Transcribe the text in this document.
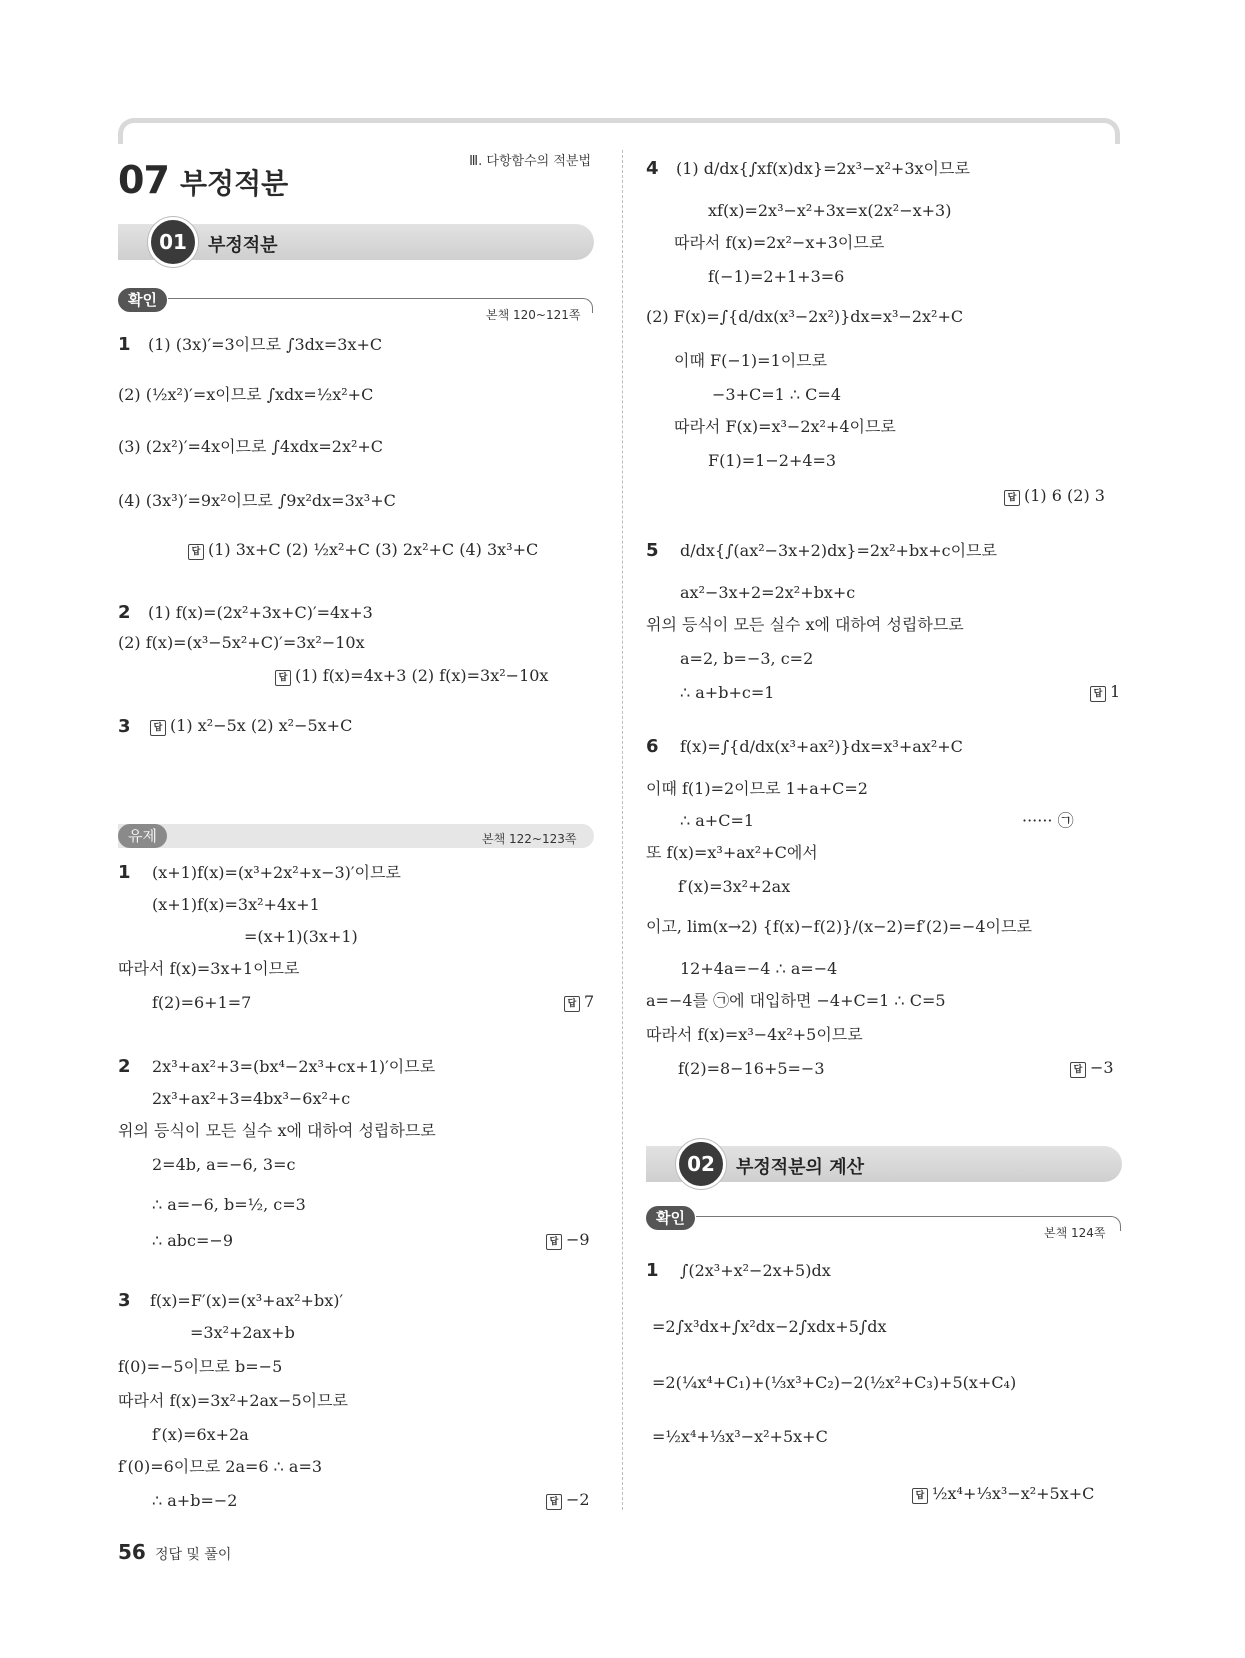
07 부정적분
Ⅲ. 다항함수의 적분법
01	부정적분
확인
본책 120~121쪽
1 (1) (3x)′=3이므로 ∫3dx=3x+C
(2) (½x²)′=x이므로 ∫xdx=½x²+C
(3) (2x²)′=4x이므로 ∫4xdx=2x²+C
(4) (3x³)′=9x²이므로 ∫9x²dx=3x³+C
답 (1) 3x+C (2) ½x²+C (3) 2x²+C (4) 3x³+C
2 (1) f(x)=(2x²+3x+C)′=4x+3
(2) f(x)=(x³−5x²+C)′=3x²−10x
답 (1) f(x)=4x+3 (2) f(x)=3x²−10x
3	답 (1) x²−5x (2) x²−5x+C
유제	본책 122~123쪽
1 (x+1)f(x)=(x³+2x²+x−3)′이므로
(x+1)f(x)=3x²+4x+1
=(x+1)(3x+1)
따라서 f(x)=3x+1이므로
f(2)=6+1=7	답 7
2 2x³+ax²+3=(bx⁴−2x³+cx+1)′이므로
2x³+ax²+3=4bx³−6x²+c
위의 등식이 모든 실수 x에 대하여 성립하므로
2=4b, a=−6, 3=c
∴ a=−6, b=½, c=3
∴ abc=−9	답 −9
3 f(x)=F′(x)=(x³+ax²+bx)′
=3x²+2ax+b
f(0)=−5이므로 b=−5
따라서 f(x)=3x²+2ax−5이므로
f′(x)=6x+2a
f′(0)=6이므로 2a=6 ∴ a=3
∴ a+b=−2	답 −2
4 (1) d/dx{∫xf(x)dx}=2x³−x²+3x이므로
xf(x)=2x³−x²+3x=x(2x²−x+3)
따라서 f(x)=2x²−x+3이므로
f(−1)=2+1+3=6
(2) F(x)=∫{d/dx(x³−2x²)}dx=x³−2x²+C
이때 F(−1)=1이므로
−3+C=1 ∴ C=4
따라서 F(x)=x³−2x²+4이므로
F(1)=1−2+4=3
답 (1) 6 (2) 3
5 d/dx{∫(ax²−3x+2)dx}=2x²+bx+c이므로
ax²−3x+2=2x²+bx+c
위의 등식이 모든 실수 x에 대하여 성립하므로
a=2, b=−3, c=2
∴ a+b+c=1	답 1
6 f(x)=∫{d/dx(x³+ax²)}dx=x³+ax²+C
이때 f(1)=2이므로 1+a+C=2
∴ a+C=1	······ ㉠
또 f(x)=x³+ax²+C에서
f′(x)=3x²+2ax
이고, lim(x→2) {f(x)−f(2)}/(x−2)=f′(2)=−4이므로
12+4a=−4 ∴ a=−4
a=−4를 ㉠에 대입하면 −4+C=1 ∴ C=5
따라서 f(x)=x³−4x²+5이므로
f(2)=8−16+5=−3	답 −3
02	부정적분의 계산
확인
본책 124쪽
1 ∫(2x³+x²−2x+5)dx
=2∫x³dx+∫x²dx−2∫xdx+5∫dx
=2(¼x⁴+C₁)+(⅓x³+C₂)−2(½x²+C₃)+5(x+C₄)
=½x⁴+⅓x³−x²+5x+C
답 ½x⁴+⅓x³−x²+5x+C
56 정답 및 풀이
